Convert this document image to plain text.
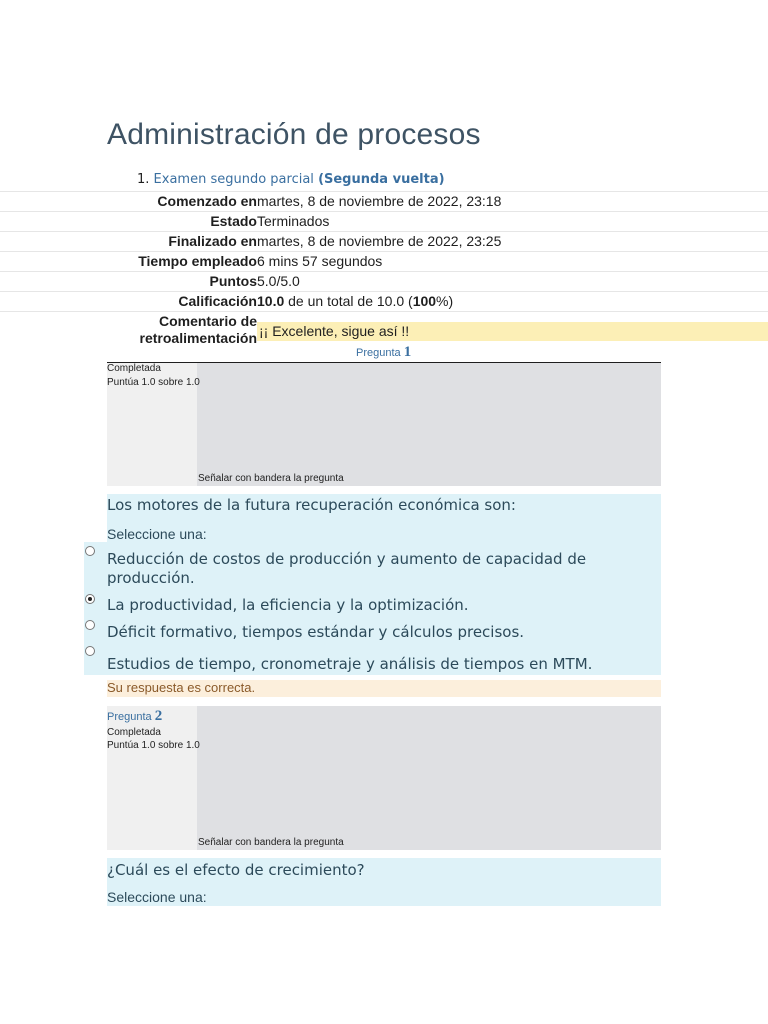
Administración de procesos
1. Examen segundo parcial (Segunda vuelta)
Comenzado en martes, 8 de noviembre de 2022, 23:18
Estado Terminados
Finalizado en martes, 8 de noviembre de 2022, 23:25
Tiempo empleado 6 mins 57 segundos
Puntos 5.0/5.0
Calificación 10.0 de un total de 10.0 (100%)
Comentario de
retroalimentación ¡¡ Excelente, sigue así !!
Pregunta 1
Completada
Puntúa 1.0 sobre 1.0
Señalar con bandera la pregunta
Los motores de la futura recuperación económica son:
Seleccione una:
Reducción de costos de producción y aumento de capacidad de producción.
La productividad, la eficiencia y la optimización.
Déficit formativo, tiempos estándar y cálculos precisos.
Estudios de tiempo, cronometraje y análisis de tiempos en MTM.
Su respuesta es correcta.
Pregunta 2
Completada
Puntúa 1.0 sobre 1.0
Señalar con bandera la pregunta
¿Cuál es el efecto de crecimiento?
Seleccione una:
